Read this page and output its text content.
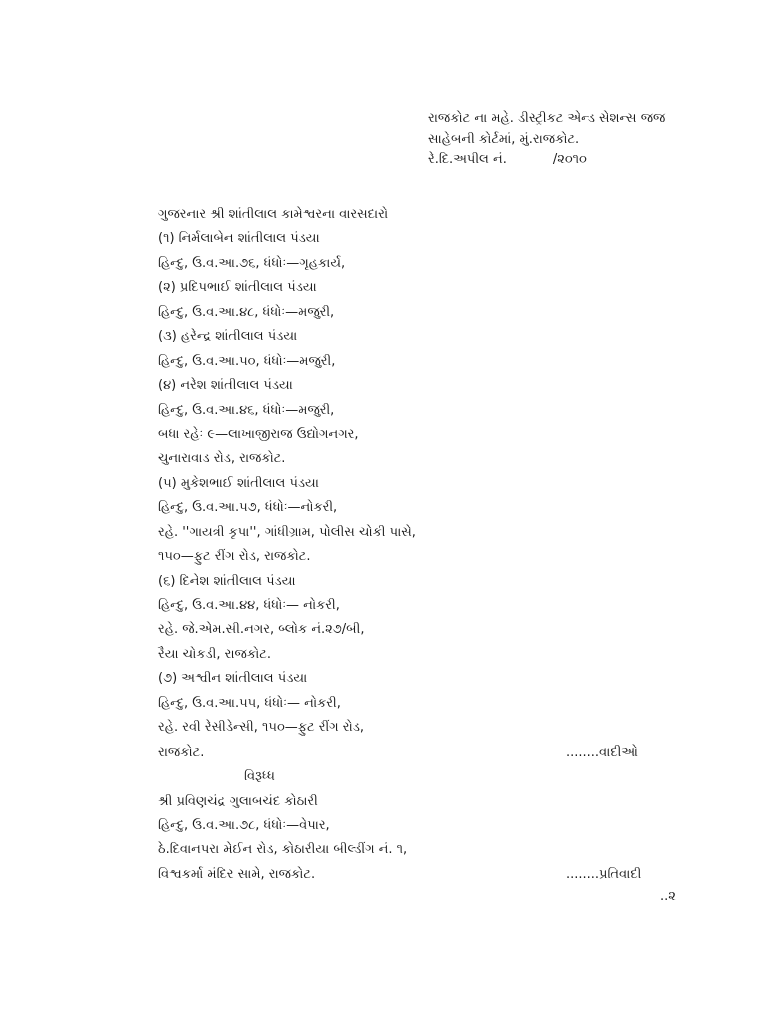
રાજકોટ ના મહે. ડીસ્ટ્રીકટ એન્ડ સેશન્સ જજ
સાહેબની કોર્ટમાં, મું.રાજકોટ.
રે.દિ.અપીલ નં.	/૨૦૧૦
ગુજરનાર શ્રી શાંતીલાલ કામેશ્વરના વારસદારો
(૧) નિર્મલાબેન શાંતીલાલ પંડયા
હિન્દુ, ઉ.વ.આ.૭૬, ધંધોઃ—ગૃહકાર્ય,
(૨) પ્રદિપભાઈ શાંતીલાલ પંડયા
હિન્દુ, ઉ.વ.આ.૪૮, ધંધોઃ—મજુરી,
(૩) હરેન્દ્ર શાંતીલાલ પંડયા
હિન્દુ, ઉ.વ.આ.૫૦, ધંધોઃ—મજુરી,
(૪) નરેશ શાંતીલાલ પંડયા
હિન્દુ, ઉ.વ.આ.૪૬, ધંધોઃ—મજુરી,
બધા રહેઃ ૯—લાખાજીરાજ ઉદ્યોગનગર,
ચુનારાવાડ રોડ, રાજકોટ.
(૫) મુકેશભાઈ શાંતીલાલ પંડયા
હિન્દુ, ઉ.વ.આ.૫૭, ધંધોઃ—નોકરી,
રહે. ''ગાયત્રી કૃપા'', ગાંધીગ્રામ, પોલીસ ચોકી પાસે,
૧૫૦—ફુટ રીંગ રોડ, રાજકોટ.
(૬) દિનેશ શાંતીલાલ પંડયા
હિન્દુ, ઉ.વ.આ.૪૪, ધંધોઃ— નોકરી,
રહે. જે.એમ.સી.નગર, બ્લોક નં.૨૭/બી,
રૈયા ચોકડી, રાજકોટ.
(૭) અશ્વીન શાંતીલાલ પંડયા
હિન્દુ, ઉ.વ.આ.૫૫, ધંધોઃ— નોકરી,
રહે. રવી રેસીડેન્સી, ૧૫૦—ફુટ રીંગ રોડ,
રાજકોટ.	........વાદીઓ
વિરૂધ્ધ
શ્રી પ્રવિણચંદ્ર ગુલાબચંદ કોઠારી
હિન્દુ, ઉ.વ.આ.૭૮, ધંધોઃ—વેપાર,
ઠે.દિવાનપરા મેઈન રોડ, કોઠારીયા બીલ્ડીંગ નં. ૧,
વિશ્વકર્મા મંદિર સામે, રાજકોટ.	........પ્રતિવાદી
..૨
